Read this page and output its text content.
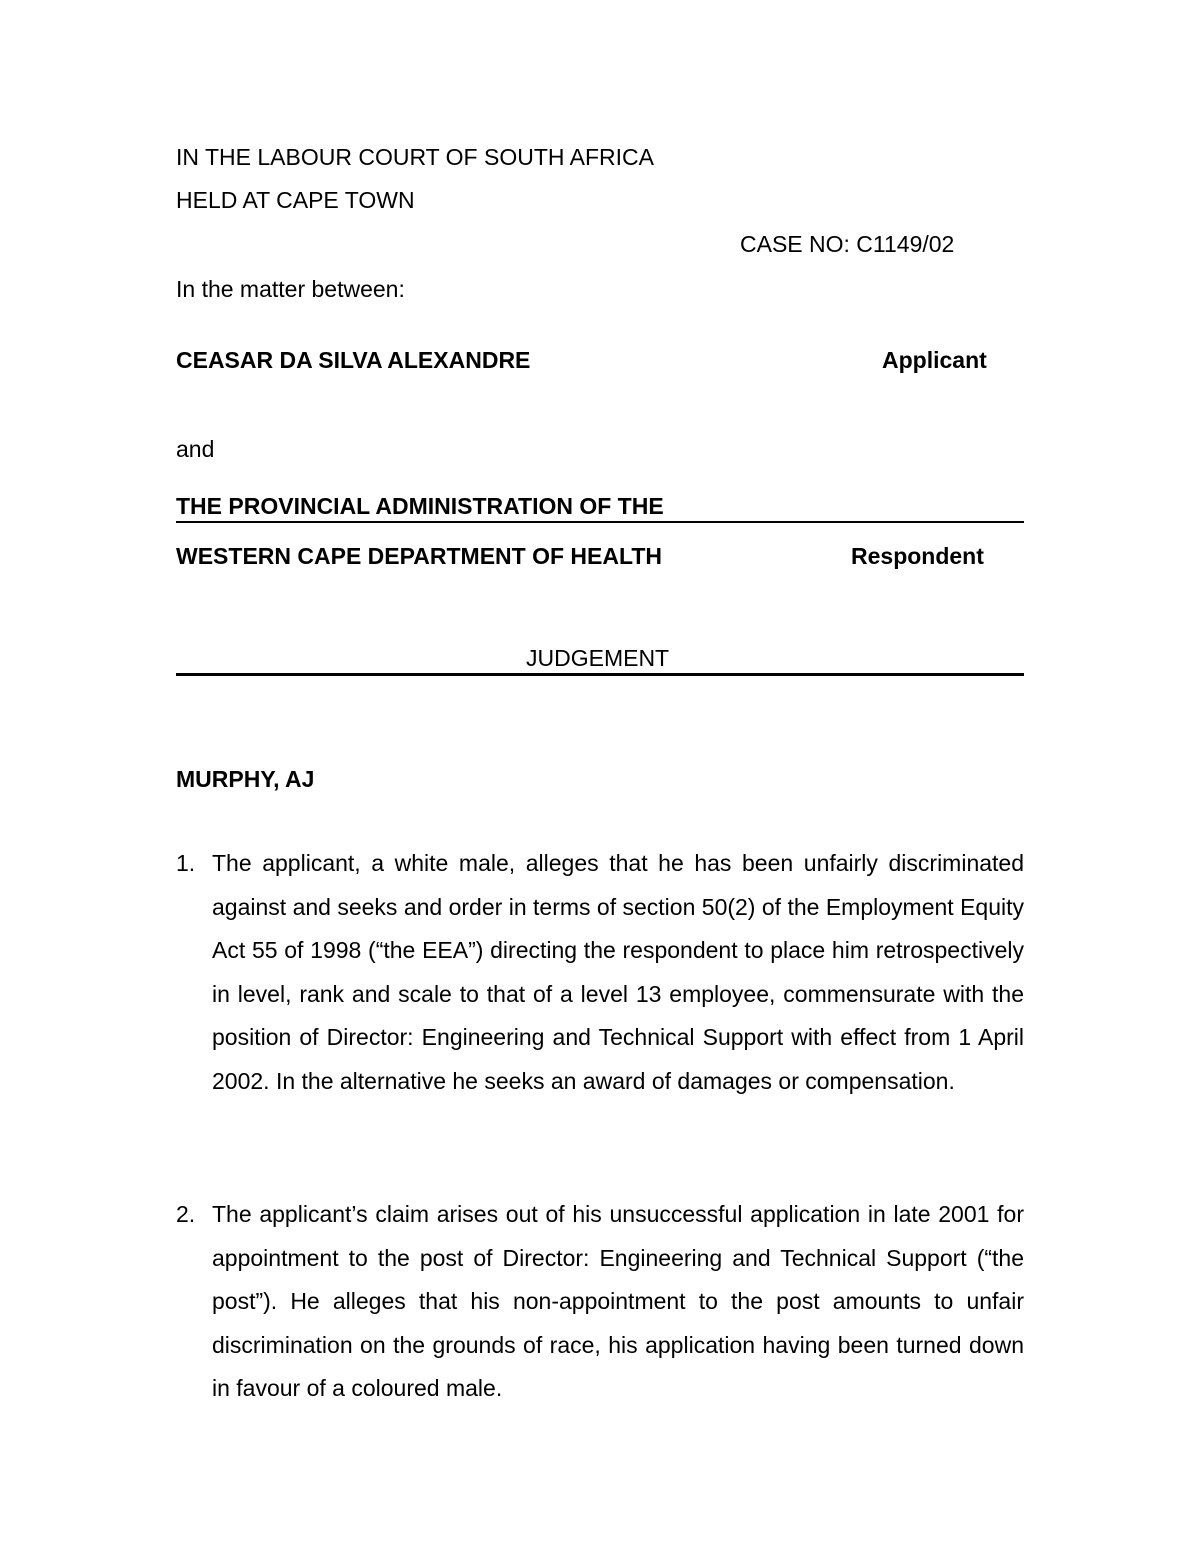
IN THE LABOUR COURT OF SOUTH AFRICA
HELD AT CAPE TOWN
CASE NO: C1149/02
In the matter between:
CEASAR DA SILVA ALEXANDRE	Applicant
and
THE PROVINCIAL ADMINISTRATION OF THE
WESTERN CAPE DEPARTMENT OF HEALTH	Respondent
JUDGEMENT
MURPHY, AJ
1. The applicant, a white male, alleges that he has been unfairly discriminated against and seeks and order in terms of section 50(2) of the Employment Equity Act 55 of 1998 (“the EEA”) directing the respondent to place him retrospectively in level, rank and scale to that of a level 13 employee, commensurate with the position of Director: Engineering and Technical Support with effect from 1 April 2002. In the alternative he seeks an award of damages or compensation.
2. The applicant’s claim arises out of his unsuccessful application in late 2001 for appointment to the post of Director: Engineering and Technical Support (“the post”). He alleges that his non-appointment to the post amounts to unfair discrimination on the grounds of race, his application having been turned down in favour of a coloured male.
